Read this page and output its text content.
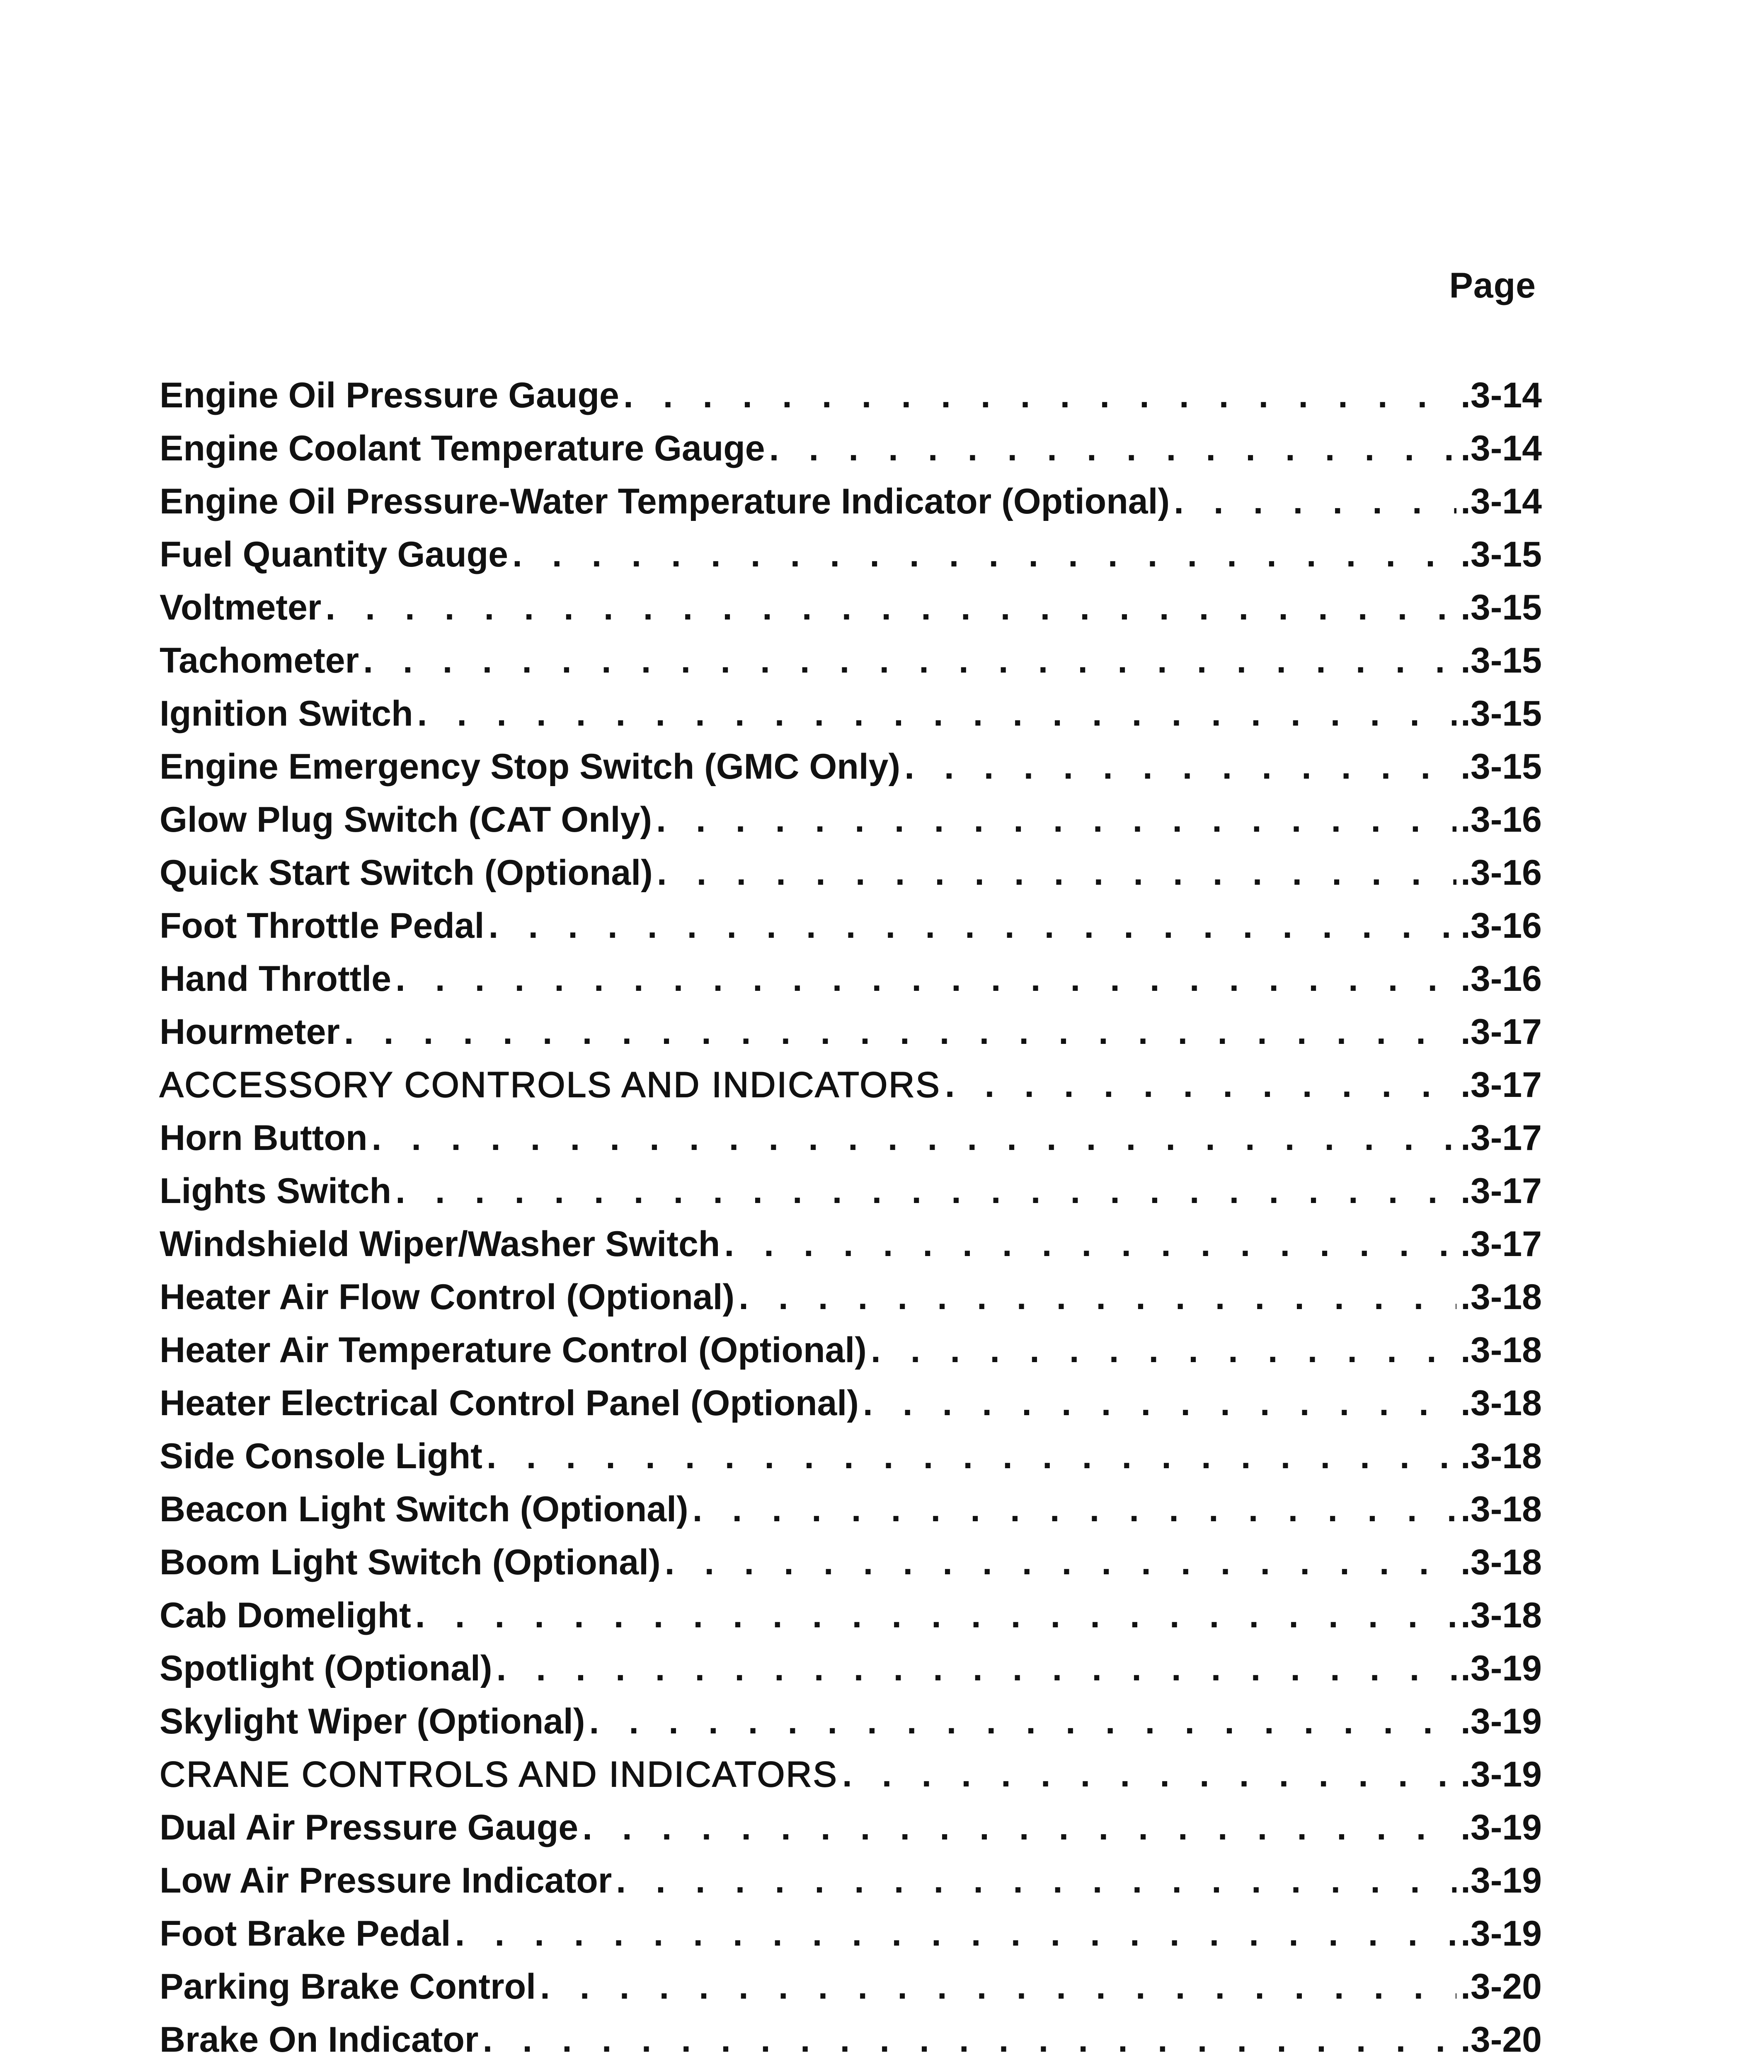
Page
Engine Oil Pressure Gauge . . .	.3-14
Engine Coolant Temperature Gauge . . .	.3-14
Engine Oil Pressure-Water Temperature Indicator (Optional) . . .	.3-14
Fuel Quantity Gauge . . .	.3-15
Voltmeter . . .	.3-15
Tachometer . . .	.3-15
Ignition Switch . . .	.3-15
Engine Emergency Stop Switch (GMC Only) . . .	.3-15
Glow Plug Switch (CAT Only) . . .	.3-16
Quick Start Switch (Optional) . . .	.3-16
Foot Throttle Pedal . . .	.3-16
Hand Throttle . . .	.3-16
Hourmeter . . .	.3-17
ACCESSORY CONTROLS AND INDICATORS . . .	.3-17
Horn Button . . .	.3-17
Lights Switch . . .	.3-17
Windshield Wiper/Washer Switch . . .	.3-17
Heater Air Flow Control (Optional) . . .	.3-18
Heater Air Temperature Control (Optional) . . .	.3-18
Heater Electrical Control Panel (Optional) . . .	.3-18
Side Console Light . . .	.3-18
Beacon Light Switch (Optional) . . .	.3-18
Boom Light Switch (Optional) . . .	.3-18
Cab Domelight . . .	.3-18
Spotlight (Optional) . . .	.3-19
Skylight Wiper (Optional) . . .	.3-19
CRANE CONTROLS AND INDICATORS . . .	.3-19
Dual Air Pressure Gauge . . .	.3-19
Low Air Pressure Indicator . . .	.3-19
Foot Brake Pedal . . .	.3-19
Parking Brake Control . . .	.3-20
Brake On Indicator . . .	.3-20
